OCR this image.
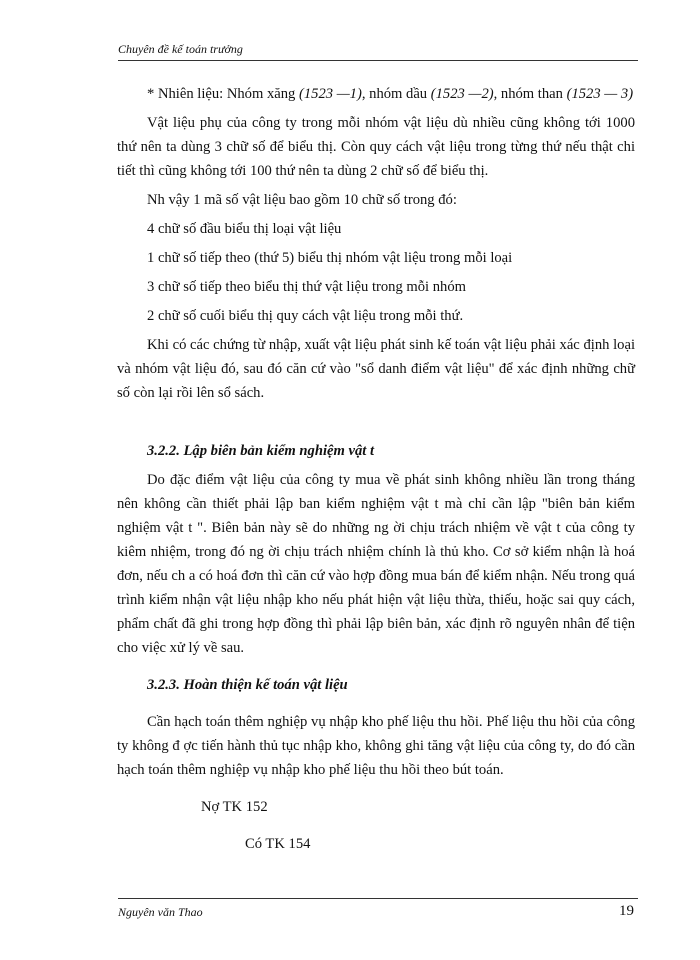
Chuyên đề kế toán trưởng

* Nhiên liệu: Nhóm xăng (1523 —1), nhóm dầu (1523 —2), nhóm than (1523 — 3)

Vật liệu phụ của công ty trong mỗi nhóm vật liệu dù nhiều cũng không tới 1000 thứ nên ta dùng 3 chữ số để biểu thị. Còn quy cách vật liệu trong từng thứ nếu thật chi tiết thì cũng không tới 100 thứ nên ta dùng 2 chữ số để biểu thị.

Nh vậy 1 mã số vật liệu bao gồm 10 chữ số trong đó:

4 chữ số đầu biểu thị loại vật liệu

1 chữ số tiếp theo (thứ 5) biểu thị nhóm vật liệu trong mỗi loại

3 chữ số tiếp theo biểu thị thứ vật liệu trong mỗi nhóm

2 chữ số cuối biểu thị quy cách vật liệu trong mỗi thứ.

Khi có các chứng từ nhập, xuất vật liệu phát sinh kế toán vật liệu phải xác định loại và nhóm vật liệu đó, sau đó căn cứ vào "sổ danh điểm vật liệu" để xác định những chữ số còn lại rồi lên sổ sách.

3.2.2. Lập biên bản kiểm nghiệm vật t

Do đặc điểm vật liệu của công ty mua về phát sinh không nhiều lần trong tháng nên không cần thiết phải lập ban kiểm nghiệm vật t mà chỉ cần lập "biên bản kiểm nghiệm vật t ". Biên bản này sẽ do những ng ời chịu trách nhiệm về vật t của công ty kiêm nhiệm, trong đó ng ời chịu trách nhiệm chính là thủ kho. Cơ sở kiểm nhận là hoá đơn, nếu ch a có hoá đơn thì căn cứ vào hợp đồng mua bán để kiểm nhận. Nếu trong quá trình kiểm nhận vật liệu nhập kho nếu phát hiện vật liệu thừa, thiếu, hoặc sai quy cách, phẩm chất đã ghi trong hợp đồng thì phải lập biên bản, xác định rõ nguyên nhân để tiện cho việc xử lý về sau.

3.2.3. Hoàn thiện kế toán vật liệu

Cần hạch toán thêm nghiệp vụ nhập kho phế liệu thu hồi. Phế liệu thu hồi của công ty không đ ợc tiến hành thủ tục nhập kho, không ghi tăng vật liệu của công ty, do đó cần hạch toán thêm nghiệp vụ nhập kho phế liệu thu hồi theo bút toán.

Nợ TK 152

Có TK 154

Nguyên văn Thao	19
